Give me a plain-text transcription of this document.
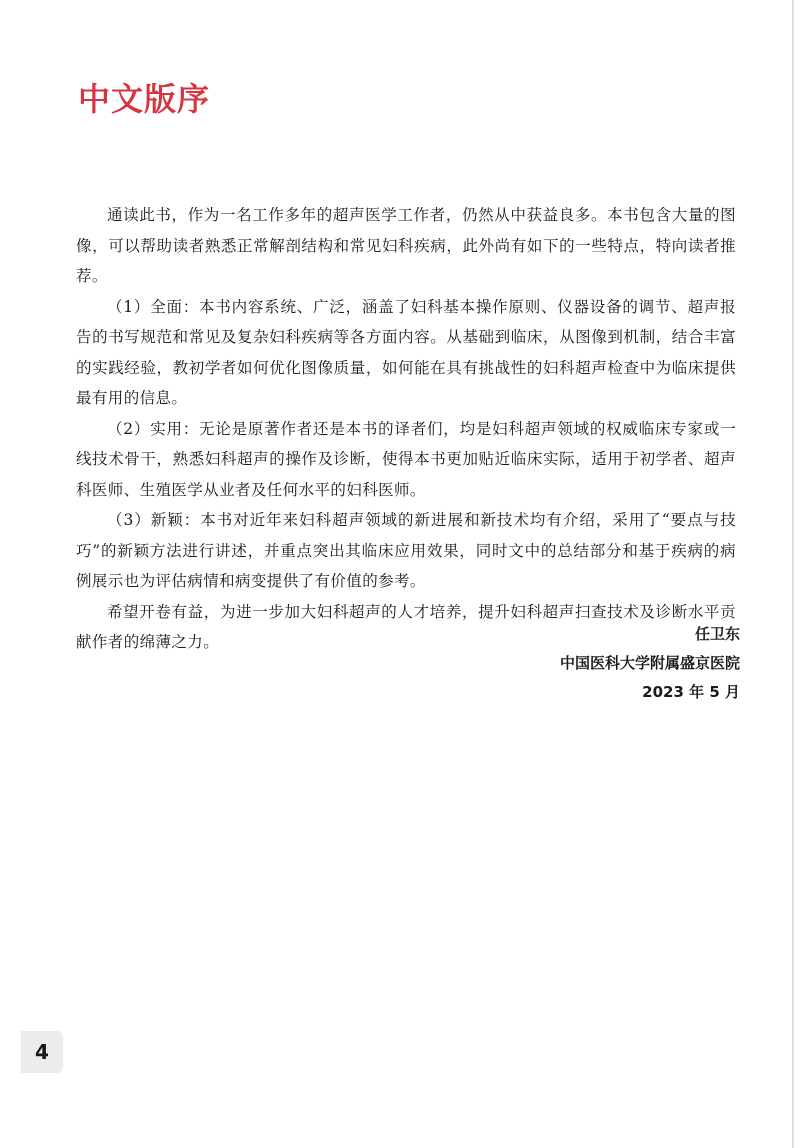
中文版序

通读此书，作为一名工作多年的超声医学工作者，仍然从中获益良多。本书包含大量的图像，可以帮助读者熟悉正常解剖结构和常见妇科疾病，此外尚有如下的一些特点，特向读者推荐。

（1）全面：本书内容系统、广泛，涵盖了妇科基本操作原则、仪器设备的调节、超声报告的书写规范和常见及复杂妇科疾病等各方面内容。从基础到临床，从图像到机制，结合丰富的实践经验，教初学者如何优化图像质量，如何能在具有挑战性的妇科超声检查中为临床提供最有用的信息。

（2）实用：无论是原著作者还是本书的译者们，均是妇科超声领域的权威临床专家或一线技术骨干，熟悉妇科超声的操作及诊断，使得本书更加贴近临床实际，适用于初学者、超声科医师、生殖医学从业者及任何水平的妇科医师。

（3）新颖：本书对近年来妇科超声领域的新进展和新技术均有介绍，采用了“要点与技巧”的新颖方法进行讲述，并重点突出其临床应用效果，同时文中的总结部分和基于疾病的病例展示也为评估病情和病变提供了有价值的参考。

希望开卷有益，为进一步加大妇科超声的人才培养，提升妇科超声扫查技术及诊断水平贡献作者的绵薄之力。	任卫东
中国医科大学附属盛京医院
2023 年 5 月
4
